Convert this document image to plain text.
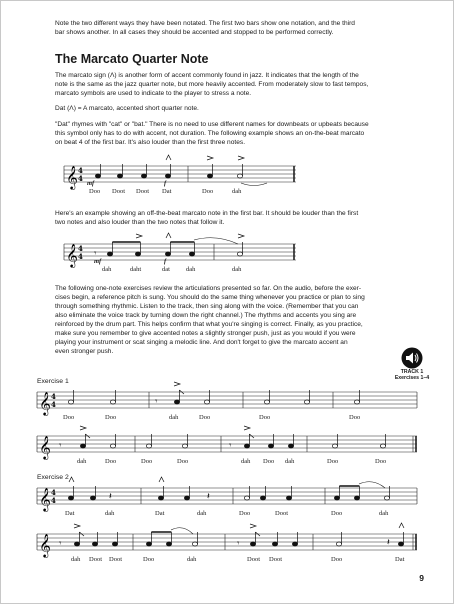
Note the two different ways they have been notated. The first two bars show one notation, and the third

bar shows another. In all cases they should be accented and stopped to be performed correctly.

The Marcato Quarter Note

The marcato sign (Λ) is another form of accent commonly found in jazz. It indicates that the length of the

note is the same as the jazz quarter note, but more heavily accented. From moderately slow to fast tempos,

marcato symbols are used to indicate to the player to stress a note.

Dat (Λ) = A marcato, accented short quarter note.

"Dat" rhymes with "cat" or "bat." There is no need to use different names for downbeats or upbeats because

this symbol only has to do with accent, not duration. The following example shows an on-the-beat marcato

on beat 4 of the first bar. It's also louder than the first three notes.

𝄞 4
4
mf	f
Doo Doot Doot Dat	Doo	dah

Here's an example showing an off-the-beat marcato note in the first bar. It should be louder than the first

two notes and also louder than the two notes that follow it.

𝄞 4
4 𝄾
mf	f
dah	daht	dat dah	dah

The following one-note exercises review the articulations presented so far. On the audio, before the exer-

cises begin, a reference pitch is sung. You should do the same thing whenever you practice or plan to sing

through something rhythmic. Listen to the track, then sing along with the voice. (Remember that you can

also eliminate the voice track by turning down the right channel.) The rhythms and accents you sing are

reinforced by the drum part. This helps confirm that what you're singing is correct. Finally, as you practice,

make sure you remember to give accented notes a slightly stronger push, just as you would if you were

playing your instrument or scat singing a melodic line. And don't forget to give the marcato accent an

even stronger push.

TRACK 1
Exercises 1–4
Exercise 1
𝄞 4
4	𝄾
Doo	Doo	dah	Doo	Doo	Doo
𝄞 𝄾	𝄾
dah	Doo	Doo	Doo	dah Doo dah	Doo	Doo
Exercise 2
𝄞 4
4	𝄽	𝄽
Dat	dah	Dat	dah	Doo	Doot	Doo	dah
𝄞 𝄾	𝄾	𝄽
dah Doot Doot	Doo	dah	Doot Doot	Doo	Dat
9
